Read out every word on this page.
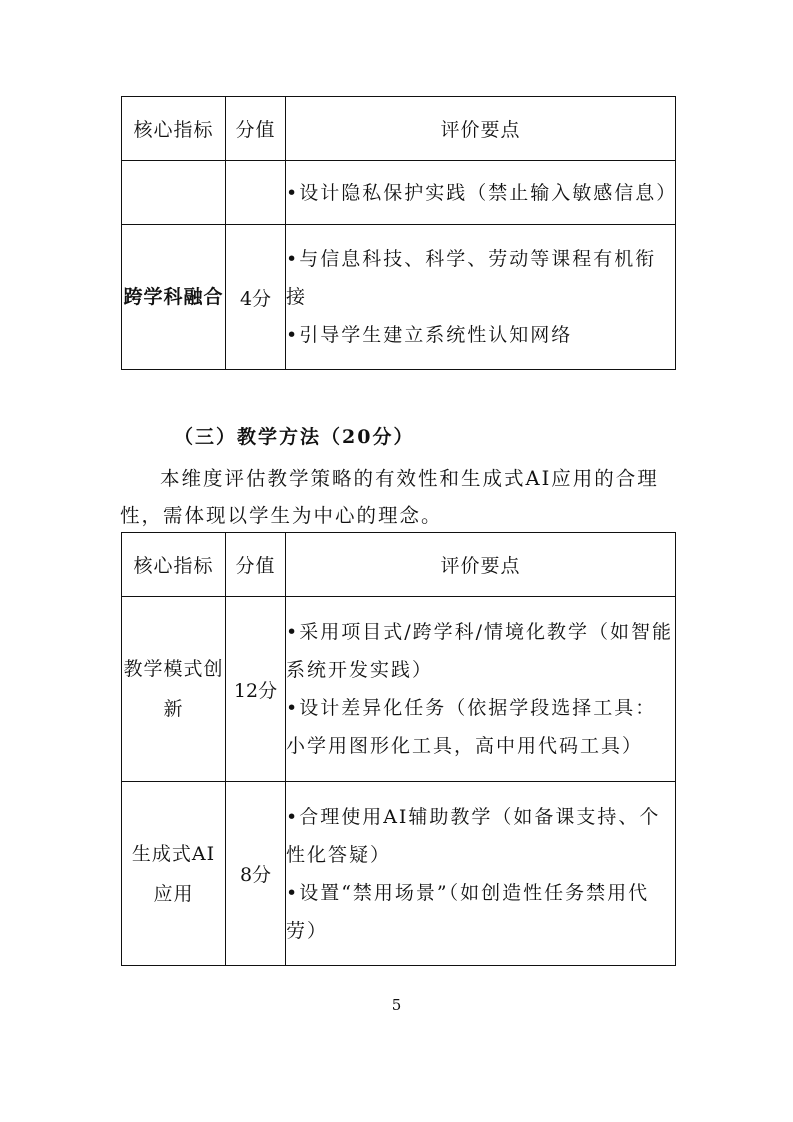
核心指标	分值	评价要点

		•设计隐私保护实践（禁止输入敏感信息）

跨学科融合	4分	•与信息科技、科学、劳动等课程有机衔接
•引导学生建立系统性认知网络
（三）教学方法（20分）

本维度评估教学策略的有效性和生成式AI应用的合理性，需体现以学生为中心的理念。

核心指标	分值	评价要点
教学模式创新	12分	•采用项目式/跨学科/情境化教学（如智能系统开发实践）
•设计差异化任务（依据学段选择工具：小学用图形化工具，高中用代码工具）

生成式AI应用	8分	•合理使用AI辅助教学（如备课支持、个性化答疑）
•设置“禁用场景”（如创造性任务禁用代劳）
5
